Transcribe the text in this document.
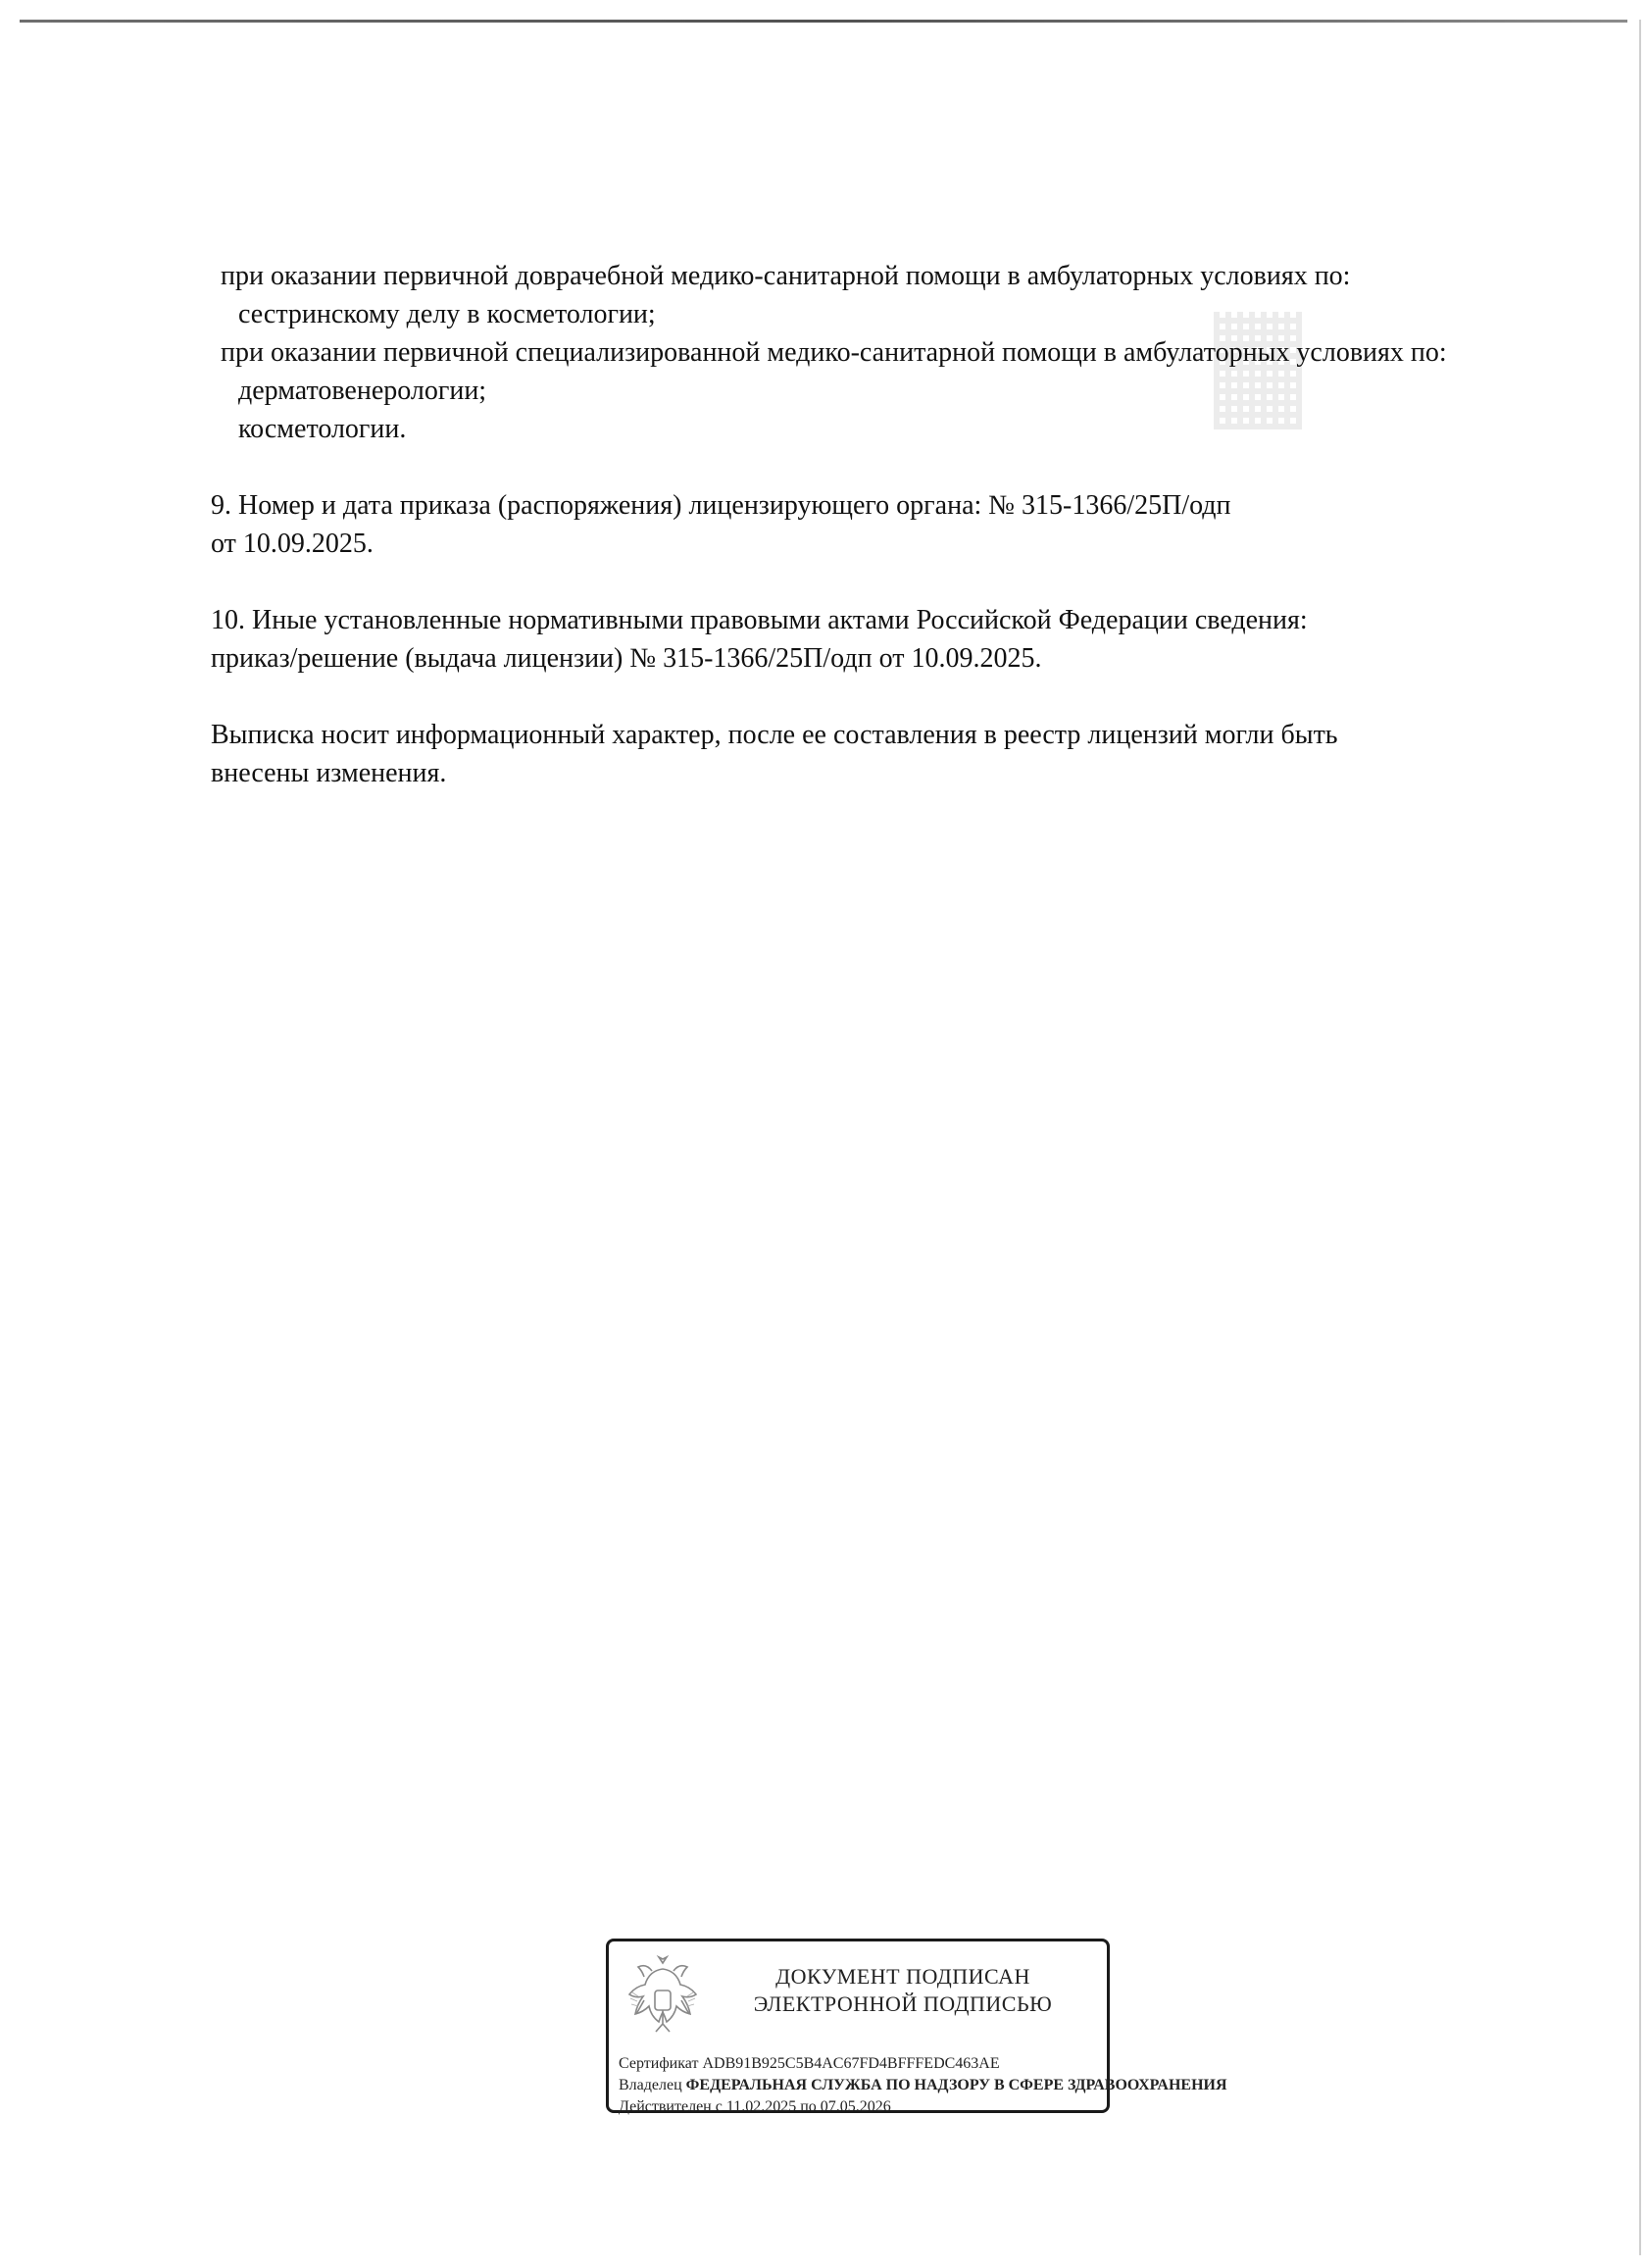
при оказании первичной доврачебной медико-санитарной помощи в амбулаторных условиях по:

сестринскому делу в косметологии;

при оказании первичной специализированной медико-санитарной помощи в амбулаторных условиях по:

дерматовенерологии;

косметологии.

9. Номер и дата приказа (распоряжения) лицензирующего органа: № 315-1366/25П/одп

от 10.09.2025.

10. Иные установленные нормативными правовыми актами Российской Федерации сведения:

приказ/решение (выдача лицензии) № 315-1366/25П/одп от 10.09.2025.

Выписка носит информационный характер, после ее составления в реестр лицензий могли быть

внесены изменения.

ДОКУМЕНТ ПОДПИСАН
ЭЛЕКТРОННОЙ ПОДПИСЬЮ
Сертификат ADB91B925C5B4AC67FD4BFFFEDC463AE
Владелец ФЕДЕРАЛЬНАЯ СЛУЖБА ПО НАДЗОРУ В СФЕРЕ ЗДРАВООХРАНЕНИЯ
Действителен с 11.02.2025 по 07.05.2026
